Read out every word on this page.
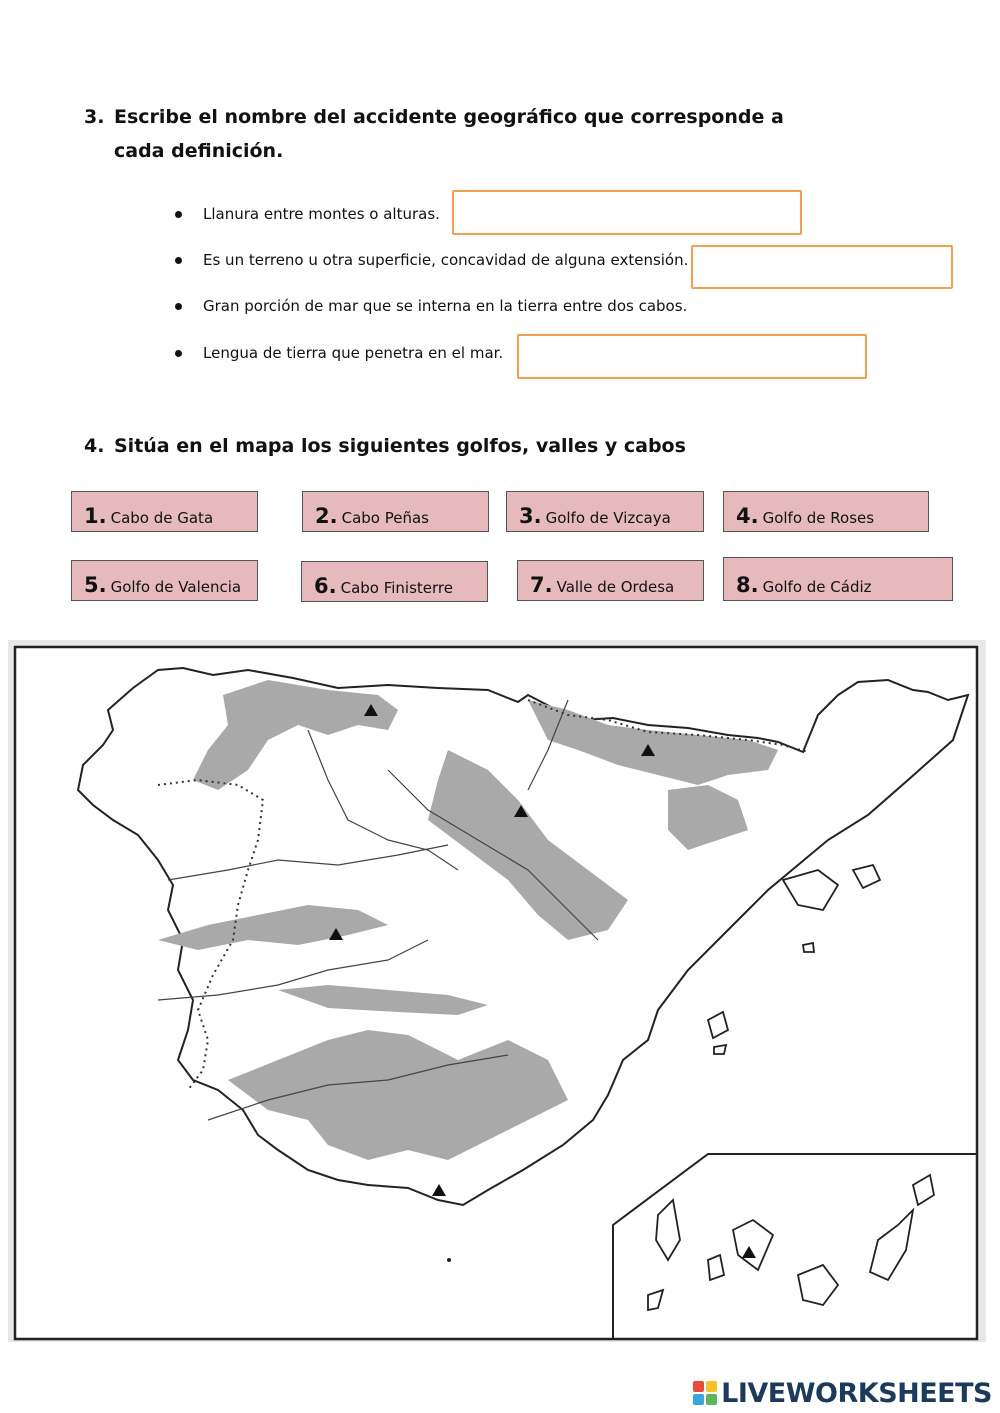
3. Escribe el nombre del accidente geográfico que corresponde a cada definición.
Llanura entre montes o alturas.
Es un terreno u otra superficie, concavidad de alguna extensión.
Gran porción de mar que se interna en la tierra entre dos cabos.
Lengua de tierra que penetra en el mar.
4. Sitúa en el mapa los siguientes golfos, valles y cabos
1. Cabo de Gata	2. Cabo Peñas	3. Golfo de Vizcaya	4. Golfo de Roses
5. Golfo de Valencia	6. Cabo Finisterre	7. Valle de Ordesa	8. Golfo de Cádiz
LIVEWORKSHEETS
